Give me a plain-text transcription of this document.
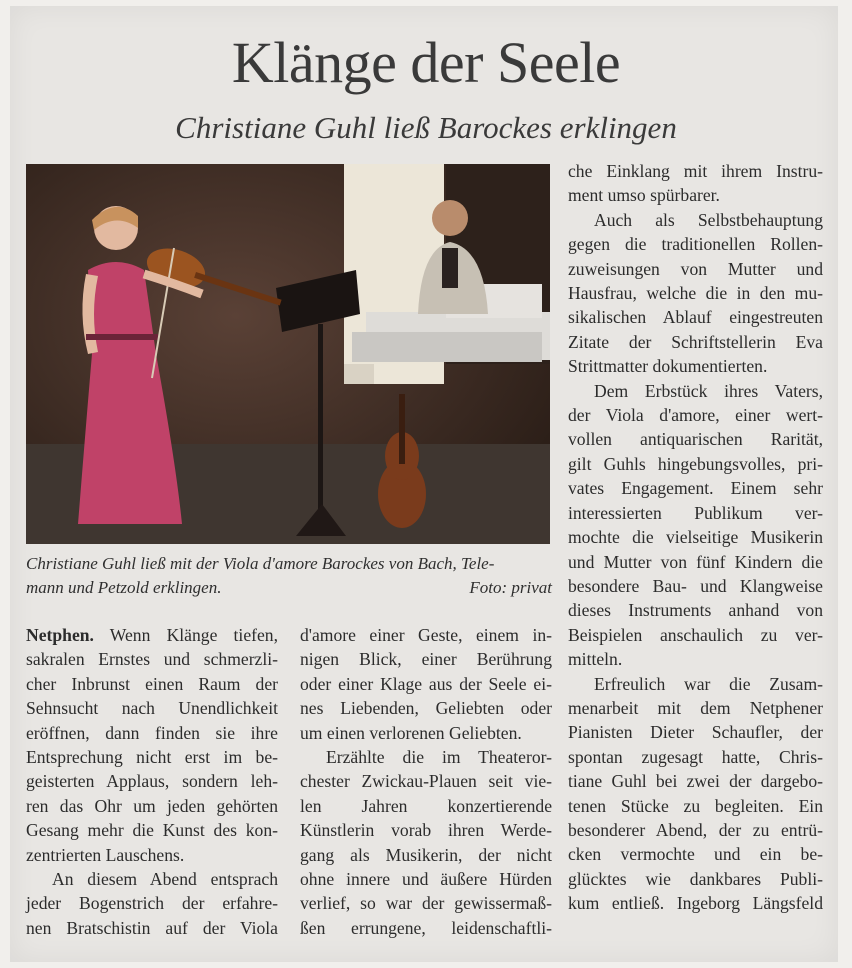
Klänge der Seele
Christiane Guhl ließ Barockes erklingen
Christiane Guhl ließ mit der Viola d'amore Barockes von Bach, Tele-
mann und Petzold erklingen.	Foto: privat
Netphen. Wenn Klänge tiefen,
sakralen Ernstes und schmerzli-
cher Inbrunst einen Raum der
Sehnsucht nach Unendlichkeit
eröffnen, dann finden sie ihre
Entsprechung nicht erst im be-
geisterten Applaus, sondern leh-
ren das Ohr um jeden gehörten
Gesang mehr die Kunst des kon-
zentrierten Lauschens.
An diesem Abend entsprach
jeder Bogenstrich der erfahre-
nen Bratschistin auf der Viola
d'amore einer Geste, einem in-
nigen Blick, einer Berührung
oder einer Klage aus der Seele ei-
nes Liebenden, Geliebten oder
um einen verlorenen Geliebten.
Erzählte die im Theateror-
chester Zwickau-Plauen seit vie-
len Jahren konzertierende
Künstlerin vorab ihren Werde-
gang als Musikerin, der nicht
ohne innere und äußere Hürden
verlief, so war der gewissermaß-
ßen errungene, leidenschaftli-
che Einklang mit ihrem Instru-
ment umso spürbarer.
Auch als Selbstbehauptung
gegen die traditionellen Rollen-
zuweisungen von Mutter und
Hausfrau, welche die in den mu-
sikalischen Ablauf eingestreuten
Zitate der Schriftstellerin Eva
Strittmatter dokumentierten.
Dem Erbstück ihres Vaters,
der Viola d'amore, einer wert-
vollen antiquarischen Rarität,
gilt Guhls hingebungsvolles, pri-
vates Engagement. Einem sehr
interessierten Publikum ver-
mochte die vielseitige Musikerin
und Mutter von fünf Kindern die
besondere Bau- und Klangweise
dieses Instruments anhand von
Beispielen anschaulich zu ver-
mitteln.
Erfreulich war die Zusam-
menarbeit mit dem Netphener
Pianisten Dieter Schaufler, der
spontan zugesagt hatte, Chris-
tiane Guhl bei zwei der dargebo-
tenen Stücke zu begleiten. Ein
besonderer Abend, der zu entrü-
cken vermochte und ein be-
glücktes wie dankbares Publi-
kum entließ. Ingeborg Längsfeld
